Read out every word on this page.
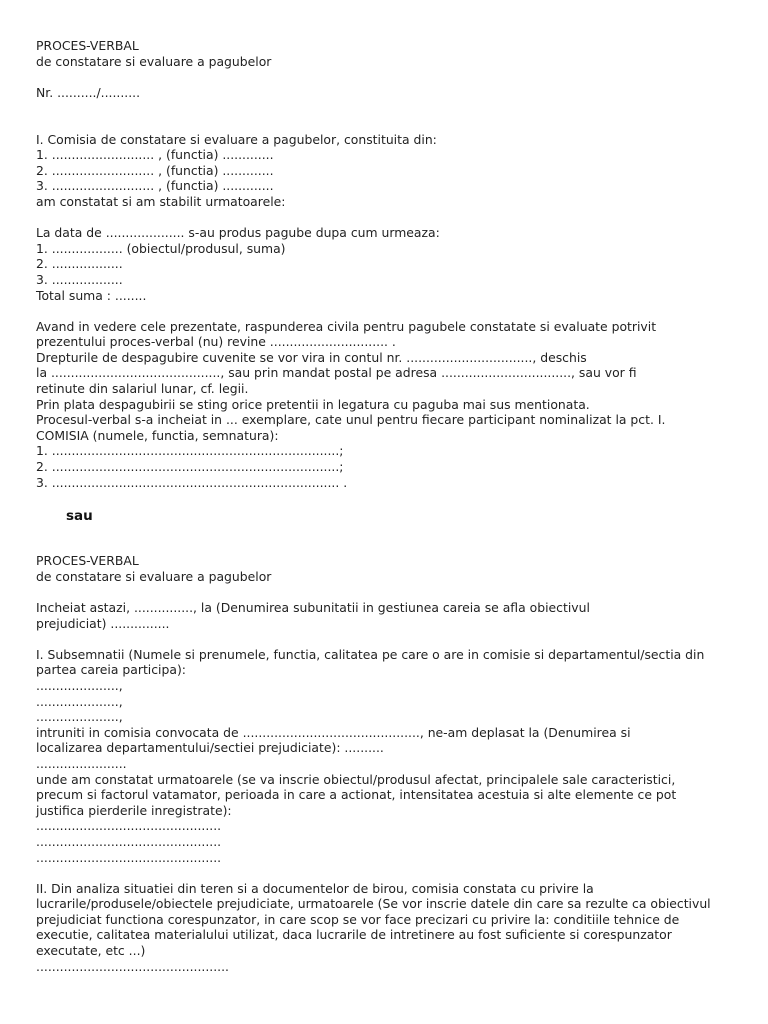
PROCES-VERBAL
de constatare si evaluare a pagubelor
Nr. ........../..........
I. Comisia de constatare si evaluare a pagubelor, constituita din:
1. .......................... , (functia) .............
2. .......................... , (functia) .............
3. .......................... , (functia) .............
am constatat si am stabilit urmatoarele:
La data de .................... s-au produs pagube dupa cum urmeaza:
1. .................. (obiectul/produsul, suma)
2. ..................
3. ..................
Total suma : ........
Avand in vedere cele prezentate, raspunderea civila pentru pagubele constatate si evaluate potrivit
prezentului proces-verbal (nu) revine .............................. .
Drepturile de despagubire cuvenite se vor vira in contul nr. ................................, deschis
la ..........................................., sau prin mandat postal pe adresa ................................., sau vor fi
retinute din salariul lunar, cf. legii.
Prin plata despagubirii se sting orice pretentii in legatura cu paguba mai sus mentionata.
Procesul-verbal s-a incheiat in ... exemplare, cate unul pentru fiecare participant nominalizat la pct. I.
COMISIA (numele, functia, semnatura):
1. .........................................................................;
2. .........................................................................;
3. ......................................................................... .
sau
PROCES-VERBAL
de constatare si evaluare a pagubelor
Incheiat astazi, ..............., la (Denumirea subunitatii in gestiunea careia se afla obiectivul
prejudiciat) ...............
I. Subsemnatii (Numele si prenumele, functia, calitatea pe care o are in comisie si departamentul/sectia din
partea careia participa):
.....................,
.....................,
.....................,
intruniti in comisia convocata de ............................................., ne-am deplasat la (Denumirea si
localizarea departamentului/sectiei prejudiciate): ..........
.......................
unde am constatat urmatoarele (se va inscrie obiectul/produsul afectat, principalele sale caracteristici,
precum si factorul vatamator, perioada in care a actionat, intensitatea acestuia si alte elemente ce pot
justifica pierderile inregistrate):
...............................................
...............................................
...............................................
II. Din analiza situatiei din teren si a documentelor de birou, comisia constata cu privire la
lucrarile/produsele/obiectele prejudiciate, urmatoarele (Se vor inscrie datele din care sa rezulte ca obiectivul
prejudiciat functiona corespunzator, in care scop se vor face precizari cu privire la: conditiile tehnice de
executie, calitatea materialului utilizat, daca lucrarile de intretinere au fost suficiente si corespunzator
executate, etc ...)
.................................................
